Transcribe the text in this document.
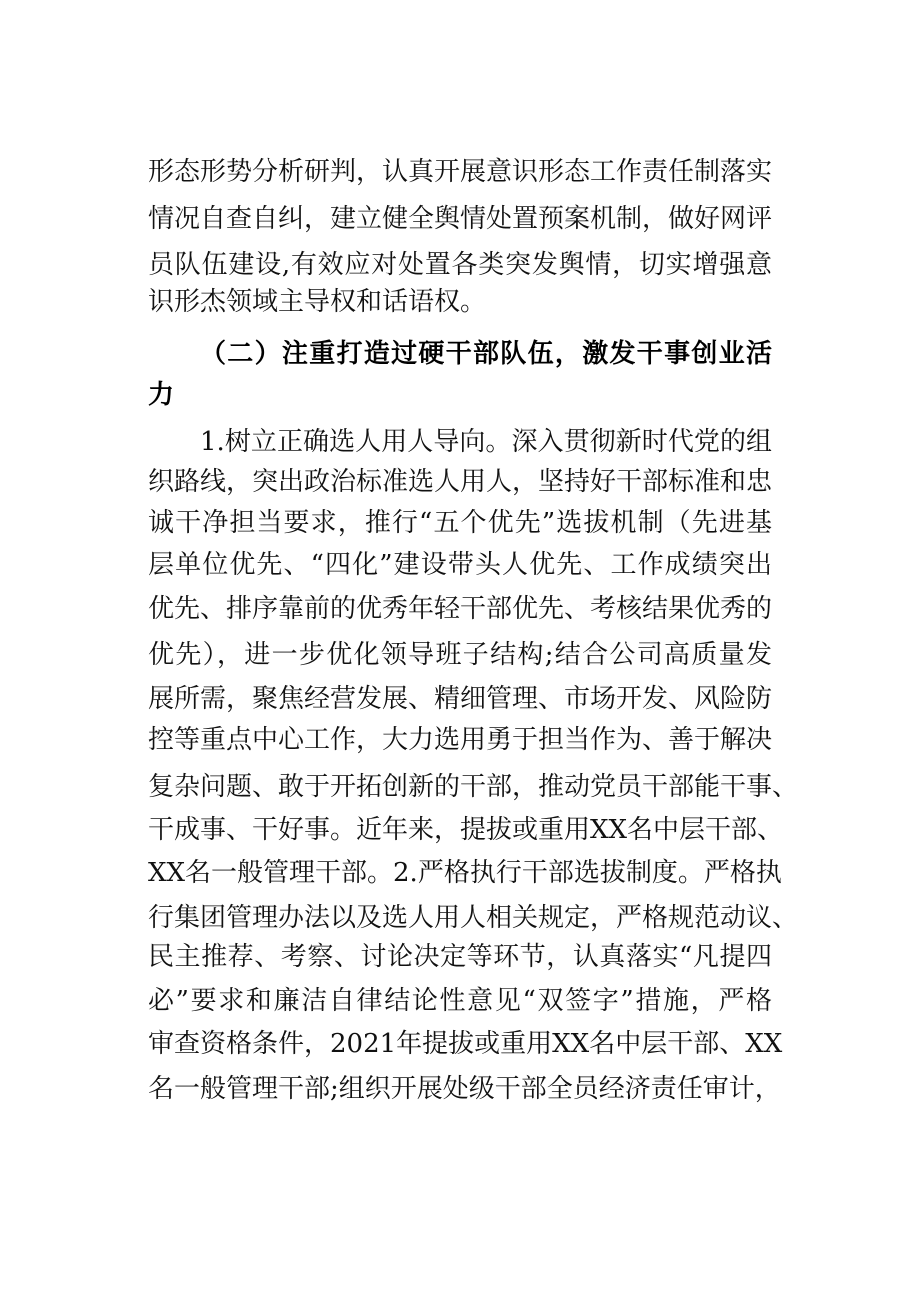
形态形势分析研判，认真开展意识形态工作责任制落实
情况自查自纠，建立健全舆情处置预案机制，做好网评
员队伍建设,有效应对处置各类突发舆情，切实增强意
识形杰领域主导权和话语权。
（二）注重打造过硬干部队伍，激发干事创业活
力
1.树立正确选人用人导向。深入贯彻新时代党的组
织路线，突出政治标准选人用人，坚持好干部标准和忠
诚干净担当要求，推行“五个优先”选拔机制（先进基
层单位优先、“四化”建设带头人优先、工作成绩突出
优先、排序靠前的优秀年轻干部优先、考核结果优秀的
优先），进一步优化领导班子结构;结合公司高质量发
展所需，聚焦经营发展、精细管理、市场开发、风险防
控等重点中心工作，大力选用勇于担当作为、善于解决
复杂问题、敢于开拓创新的干部，推动党员干部能干事、
干成事、干好事。近年来，提拔或重用XX名中层干部、
XX名一般管理干部。2.严格执行干部选拔制度。严格执
行集团管理办法以及选人用人相关规定，严格规范动议、
民主推荐、考察、讨论决定等环节，认真落实“凡提四
必”要求和廉洁自律结论性意见“双签字”措施，严格
审查资格条件，2021年提拔或重用XX名中层干部、XX
名一般管理干部;组织开展处级干部全员经济责任审计，
